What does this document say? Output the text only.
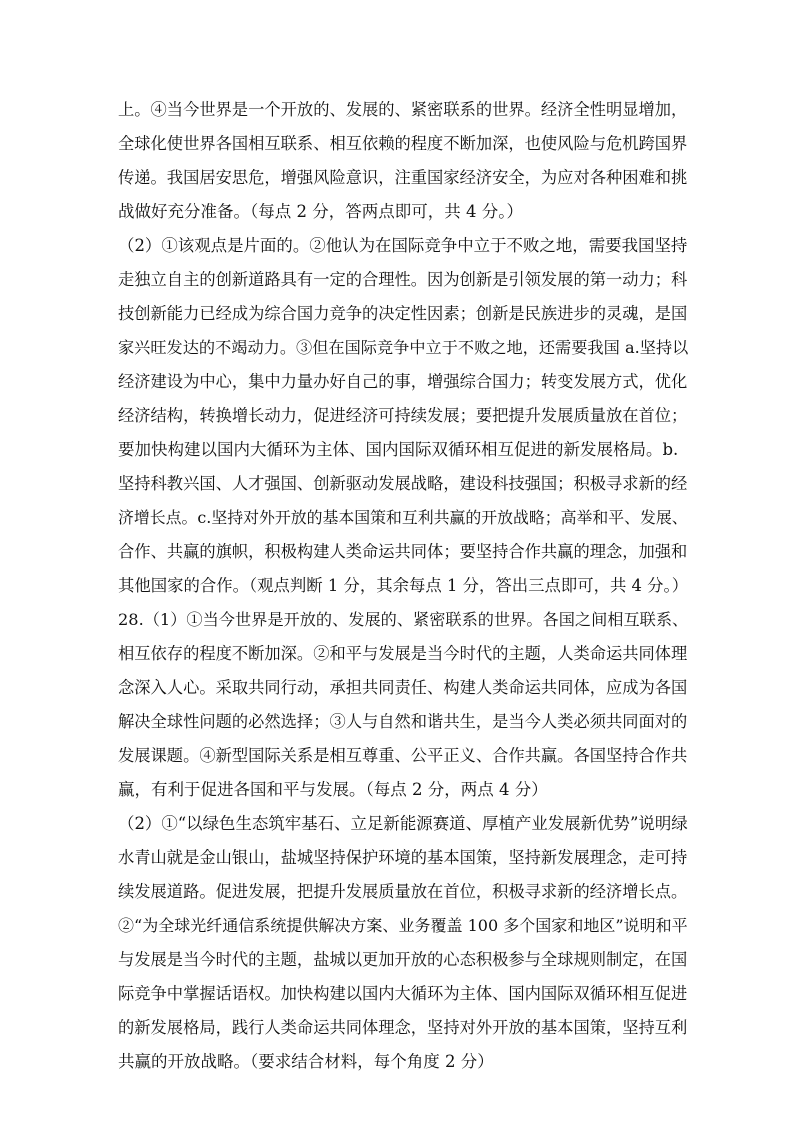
上。④当今世界是一个开放的、发展的、紧密联系的世界。经济全性明显增加，
全球化使世界各国相互联系、相互依赖的程度不断加深，也使风险与危机跨国界
传递。我国居安思危，增强风险意识，注重国家经济安全，为应对各种困难和挑
战做好充分准备。（每点 2 分，答两点即可，共 4 分。）
（2）①该观点是片面的。②他认为在国际竞争中立于不败之地，需要我国坚持
走独立自主的创新道路具有一定的合理性。因为创新是引领发展的第一动力；科
技创新能力已经成为综合国力竞争的决定性因素；创新是民族进步的灵魂，是国
家兴旺发达的不竭动力。③但在国际竞争中立于不败之地，还需要我国 a.坚持以
经济建设为中心，集中力量办好自己的事，增强综合国力；转变发展方式，优化
经济结构，转换增长动力，促进经济可持续发展；要把提升发展质量放在首位；
要加快构建以国内大循环为主体、国内国际双循环相互促进的新发展格局。b.
坚持科教兴国、人才强国、创新驱动发展战略，建设科技强国；积极寻求新的经
济增长点。c.坚持对外开放的基本国策和互利共赢的开放战略；高举和平、发展、
合作、共赢的旗帜，积极构建人类命运共同体；要坚持合作共赢的理念，加强和
其他国家的合作。（观点判断 1 分，其余每点 1 分，答出三点即可，共 4 分。）
28.（1）①当今世界是开放的、发展的、紧密联系的世界。各国之间相互联系、
相互依存的程度不断加深。②和平与发展是当今时代的主题，人类命运共同体理
念深入人心。采取共同行动，承担共同责任、构建人类命运共同体，应成为各国
解决全球性问题的必然选择；③人与自然和谐共生，是当今人类必须共同面对的
发展课题。④新型国际关系是相互尊重、公平正义、合作共赢。各国坚持合作共
赢，有利于促进各国和平与发展。（每点 2 分，两点 4 分）
（2）①“以绿色生态筑牢基石、立足新能源赛道、厚植产业发展新优势”说明绿
水青山就是金山银山，盐城坚持保护环境的基本国策，坚持新发展理念，走可持
续发展道路。促进发展，把提升发展质量放在首位，积极寻求新的经济增长点。
②“为全球光纤通信系统提供解决方案、业务覆盖 100 多个国家和地区”说明和平
与发展是当今时代的主题，盐城以更加开放的心态积极参与全球规则制定，在国
际竞争中掌握话语权。加快构建以国内大循环为主体、国内国际双循环相互促进
的新发展格局，践行人类命运共同体理念，坚持对外开放的基本国策，坚持互利
共赢的开放战略。（要求结合材料，每个角度 2 分）
